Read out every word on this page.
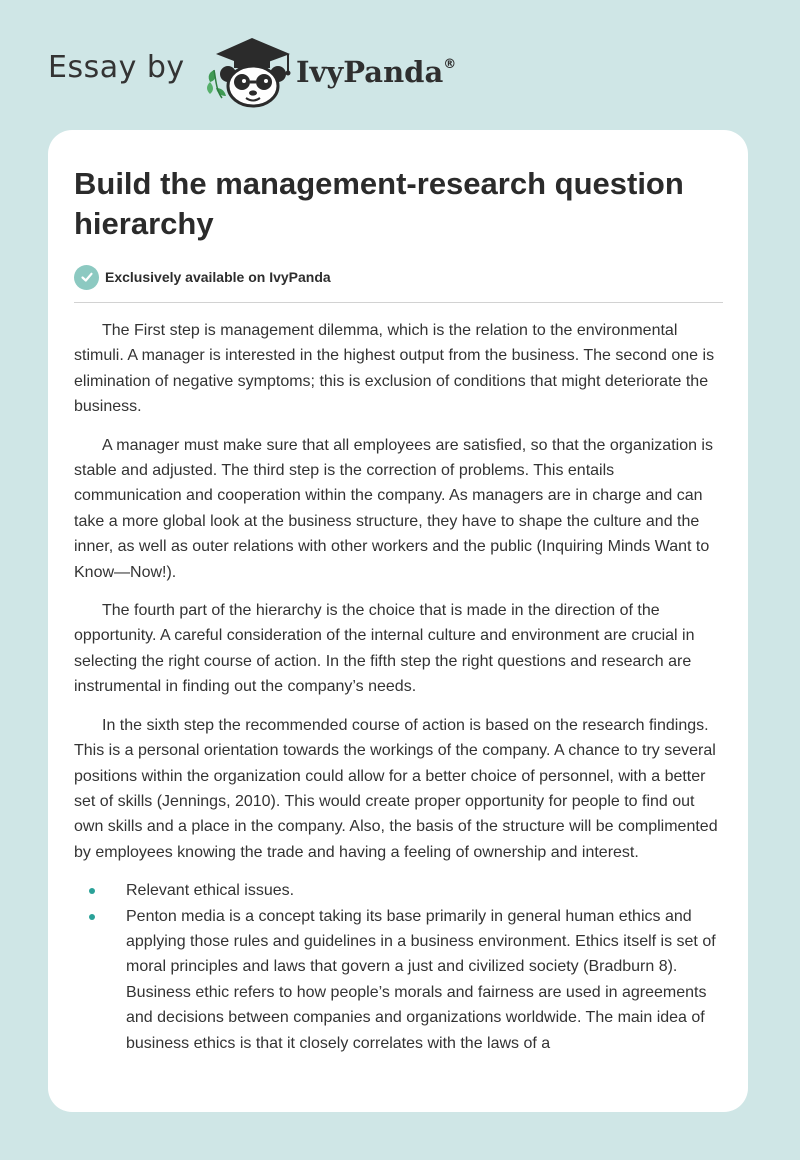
Essay by	IvyPanda®
Build the management-research question hierarchy
Exclusively available on IvyPanda

The First step is management dilemma, which is the relation to the environmental stimuli. A manager is interested in the highest output from the business. The second one is elimination of negative symptoms; this is exclusion of conditions that might deteriorate the business.

A manager must make sure that all employees are satisfied, so that the organization is stable and adjusted. The third step is the correction of problems. This entails communication and cooperation within the company. As managers are in charge and can take a more global look at the business structure, they have to shape the culture and the inner, as well as outer relations with other workers and the public (Inquiring Minds Want to Know—Now!).

The fourth part of the hierarchy is the choice that is made in the direction of the opportunity. A careful consideration of the internal culture and environment are crucial in selecting the right course of action. In the fifth step the right questions and research are instrumental in finding out the company’s needs.

In the sixth step the recommended course of action is based on the research findings. This is a personal orientation towards the workings of the company. A chance to try several positions within the organization could allow for a better choice of personnel, with a better set of skills (Jennings, 2010). This would create proper opportunity for people to find out own skills and a place in the company. Also, the basis of the structure will be complimented by employees knowing the trade and having a feeling of ownership and interest.

Relevant ethical issues.
Penton media is a concept taking its base primarily in general human ethics and applying those rules and guidelines in a business environment. Ethics itself is set of moral principles and laws that govern a just and civilized society (Bradburn 8). Business ethic refers to how people’s morals and fairness are used in agreements and decisions between companies and organizations worldwide. The main idea of business ethics is that it closely correlates with the laws of a
